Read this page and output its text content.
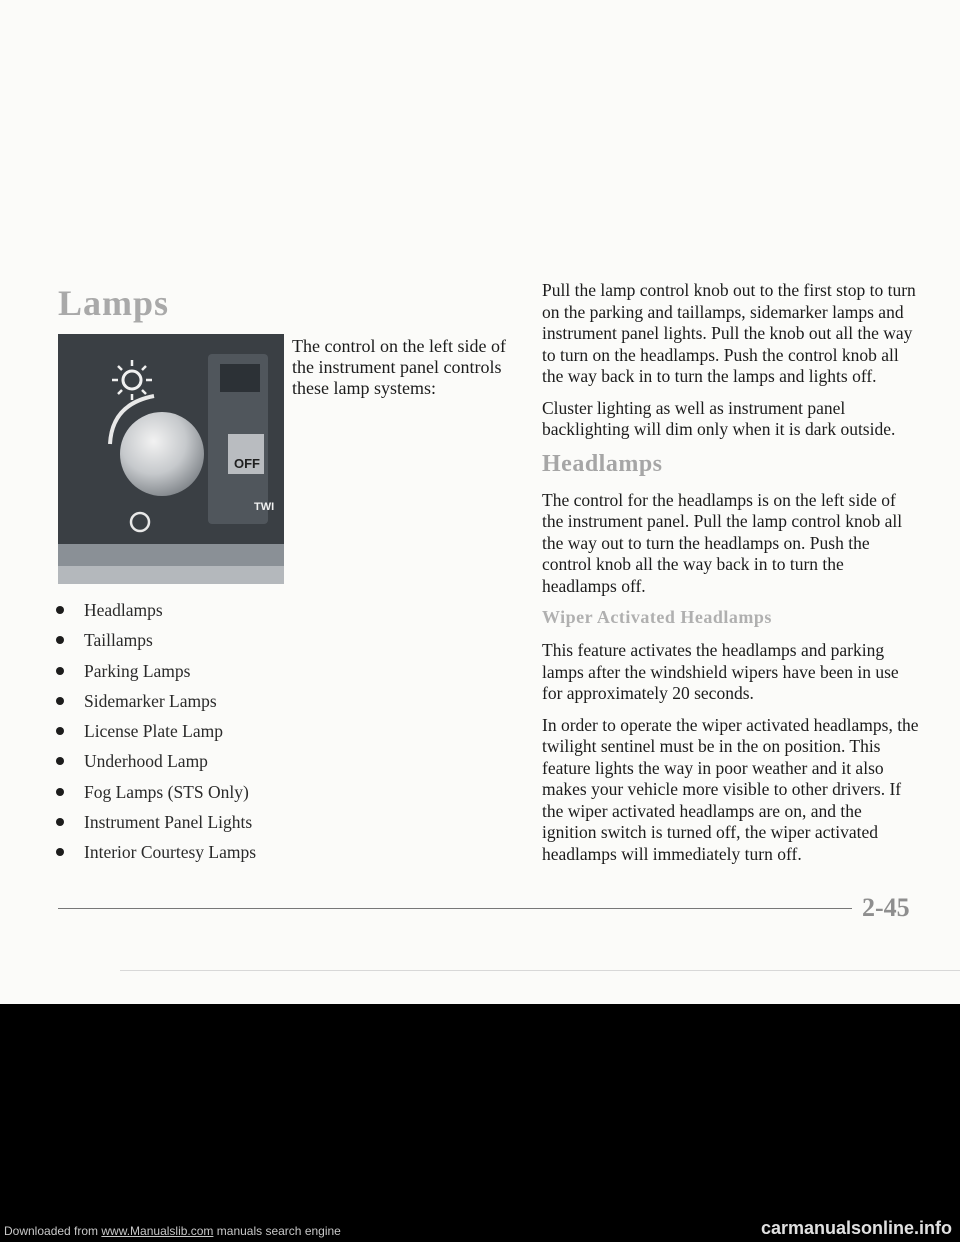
Lamps
OFF
TWI

The control on the left side of the instrument panel controls these lamp systems:

Headlamps
Taillamps
Parking Lamps
Sidemarker Lamps
License Plate Lamp
Underhood Lamp
Fog Lamps (STS Only)
Instrument Panel Lights
Interior Courtesy Lamps

Pull the lamp control knob out to the first stop to turn on the parking and taillamps, sidemarker lamps and instrument panel lights. Pull the knob out all the way to turn on the headlamps. Push the control knob all the way back in to turn the lamps and lights off.

Cluster lighting as well as instrument panel backlighting will dim only when it is dark outside.

Headlamps

The control for the headlamps is on the left side of the instrument panel. Pull the lamp control knob all the way out to turn the headlamps on. Push the control knob all the way back in to turn the headlamps off.

Wiper Activated Headlamps

This feature activates the headlamps and parking lamps after the windshield wipers have been in use for approximately 20 seconds.

In order to operate the wiper activated headlamps, the twilight sentinel must be in the on position. This feature lights the way in poor weather and it also makes your vehicle more visible to other drivers. If the wiper activated headlamps are on, and the ignition switch is turned off, the wiper activated headlamps will immediately turn off.

2-45

Downloaded from www.Manualslib.com manuals search engine	carmanualsonline.info
